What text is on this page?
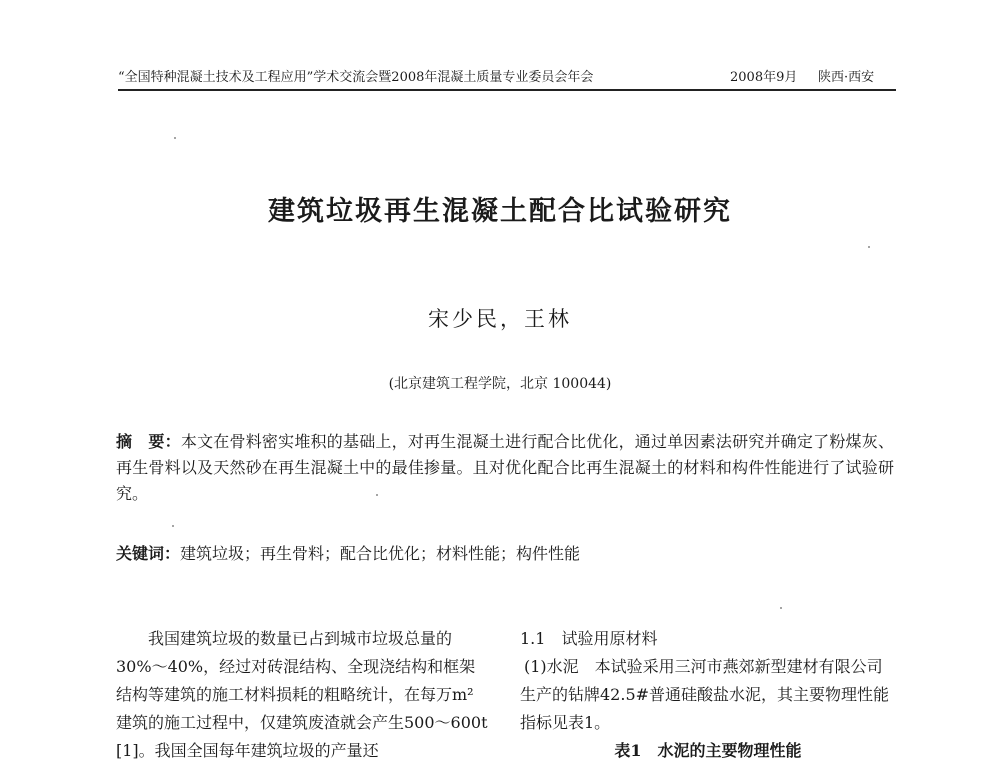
“全国特种混凝土技术及工程应用”学术交流会暨2008年混凝土质量专业委员会年会	2008年9月 陕西·西安
建筑垃圾再生混凝土配合比试验研究
宋少民，王林
(北京建筑工程学院，北京 100044)
摘　要：本文在骨料密实堆积的基础上，对再生混凝土进行配合比优化，通过单因素法研究并确定了粉煤灰、再生骨料以及天然砂在再生混凝土中的最佳掺量。且对优化配合比再生混凝土的材料和构件性能进行了试验研究。
关键词：建筑垃圾；再生骨料；配合比优化；材料性能；构件性能

我国建筑垃圾的数量已占到城市垃圾总量的 30%～40%，经过对砖混结构、全现浇结构和框架结构等建筑的施工材料损耗的粗略统计，在每万m²建筑的施工过程中，仅建筑废渣就会产生500～600t [1]。我国全国每年建筑垃圾的产量还

1.1　试验用原材料

(1)水泥　本试验采用三河市燕郊新型建材有限公司生产的钻牌42.5#普通硅酸盐水泥，其主要物理性能指标见表1。

表1　水泥的主要物理性能
